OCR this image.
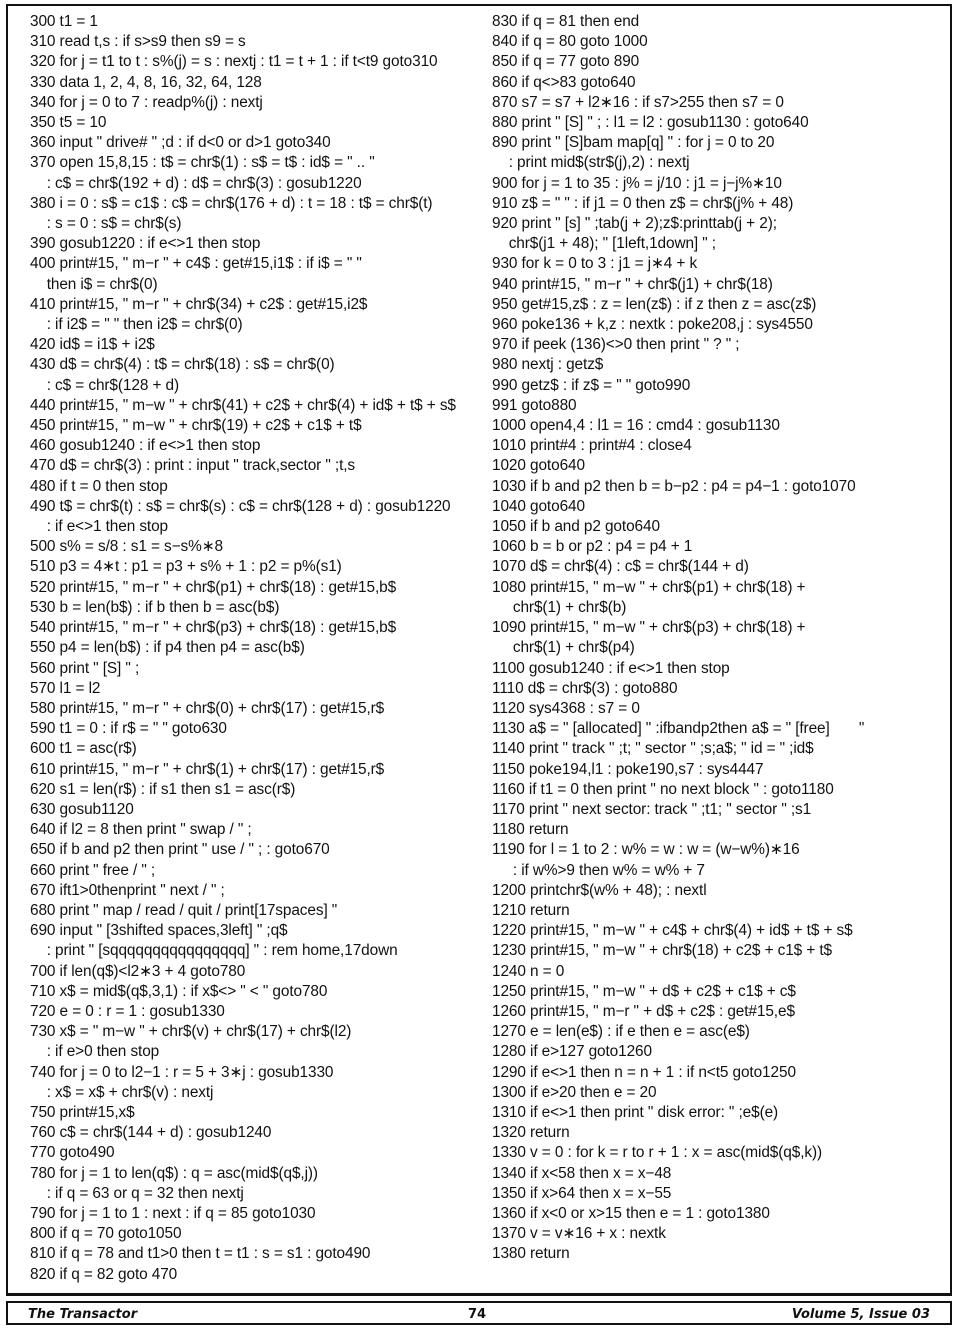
300 t1 = 1
310 read t,s : if s>s9 then s9 = s
320 for j = t1 to t : s%(j) = s : nextj : t1 = t + 1 : if t<t9 goto310
330 data 1, 2, 4, 8, 16, 32, 64, 128
340 for j = 0 to 7 : readp%(j) : nextj
350 t5 = 10
360 input " drive# " ;d : if d<0 or d>1 goto340
370 open 15,8,15 : t$ = chr$(1) : s$ = t$ : id$ = " .. "
: c$ = chr$(192 + d) : d$ = chr$(3) : gosub1220
380 i = 0 : s$ = c1$ : c$ = chr$(176 + d) : t = 18 : t$ = chr$(t)
: s = 0 : s$ = chr$(s)
390 gosub1220 : if e<>1 then stop
400 print#15, " m−r " + c4$ : get#15,i1$ : if i$ = " "
then i$ = chr$(0)
410 print#15, " m−r " + chr$(34) + c2$ : get#15,i2$
: if i2$ = " " then i2$ = chr$(0)
420 id$ = i1$ + i2$
430 d$ = chr$(4) : t$ = chr$(18) : s$ = chr$(0)
: c$ = chr$(128 + d)
440 print#15, " m−w " + chr$(41) + c2$ + chr$(4) + id$ + t$ + s$
450 print#15, " m−w " + chr$(19) + c2$ + c1$ + t$
460 gosub1240 : if e<>1 then stop
470 d$ = chr$(3) : print : input " track,sector " ;t,s
480 if t = 0 then stop
490 t$ = chr$(t) : s$ = chr$(s) : c$ = chr$(128 + d) : gosub1220
: if e<>1 then stop
500 s% = s/8 : s1 = s−s%∗8
510 p3 = 4∗t : p1 = p3 + s% + 1 : p2 = p%(s1)
520 print#15, " m−r " + chr$(p1) + chr$(18) : get#15,b$
530 b = len(b$) : if b then b = asc(b$)
540 print#15, " m−r " + chr$(p3) + chr$(18) : get#15,b$
550 p4 = len(b$) : if p4 then p4 = asc(b$)
560 print " [S] " ;
570 l1 = l2
580 print#15, " m−r " + chr$(0) + chr$(17) : get#15,r$
590 t1 = 0 : if r$ = " " goto630
600 t1 = asc(r$)
610 print#15, " m−r " + chr$(1) + chr$(17) : get#15,r$
620 s1 = len(r$) : if s1 then s1 = asc(r$)
630 gosub1120
640 if l2 = 8 then print " swap / " ;
650 if b and p2 then print " use / " ; : goto670
660 print " free / " ;
670 ift1>0thenprint " next / " ;
680 print " map / read / quit / print[17spaces] "
690 input " [3shifted spaces,3left] " ;q$
: print " [sqqqqqqqqqqqqqqqq] " : rem home,17down
700 if len(q$)<l2∗3 + 4 goto780
710 x$ = mid$(q$,3,1) : if x$<> " < " goto780
720 e = 0 : r = 1 : gosub1330
730 x$ = " m−w " + chr$(v) + chr$(17) + chr$(l2)
: if e>0 then stop
740 for j = 0 to l2−1 : r = 5 + 3∗j : gosub1330
: x$ = x$ + chr$(v) : nextj
750 print#15,x$
760 c$ = chr$(144 + d) : gosub1240
770 goto490
780 for j = 1 to len(q$) : q = asc(mid$(q$,j))
: if q = 63 or q = 32 then nextj
790 for j = 1 to 1 : next : if q = 85 goto1030
800 if q = 70 goto1050
810 if q = 78 and t1>0 then t = t1 : s = s1 : goto490
820 if q = 82 goto 470
830 if q = 81 then end
840 if q = 80 goto 1000
850 if q = 77 goto 890
860 if q<>83 goto640
870 s7 = s7 + l2∗16 : if s7>255 then s7 = 0
880 print " [S] " ; : l1 = l2 : gosub1130 : goto640
890 print " [S]bam map[q] " : for j = 0 to 20
: print mid$(str$(j),2) : nextj
900 for j = 1 to 35 : j% = j/10 : j1 = j−j%∗10
910 z$ = " " : if j1 = 0 then z$ = chr$(j% + 48)
920 print " [s] " ;tab(j + 2);z$:printtab(j + 2);
chr$(j1 + 48); " [1left,1down] " ;
930 for k = 0 to 3 : j1 = j∗4 + k
940 print#15, " m−r " + chr$(j1) + chr$(18)
950 get#15,z$ : z = len(z$) : if z then z = asc(z$)
960 poke136 + k,z : nextk : poke208,j : sys4550
970 if peek (136)<>0 then print " ? " ;
980 nextj : getz$
990 getz$ : if z$ = " " goto990
991 goto880
1000 open4,4 : l1 = 16 : cmd4 : gosub1130
1010 print#4 : print#4 : close4
1020 goto640
1030 if b and p2 then b = b−p2 : p4 = p4−1 : goto1070
1040 goto640
1050 if b and p2 goto640
1060 b = b or p2 : p4 = p4 + 1
1070 d$ = chr$(4) : c$ = chr$(144 + d)
1080 print#15, " m−w " + chr$(p1) + chr$(18) +
chr$(1) + chr$(b)
1090 print#15, " m−w " + chr$(p3) + chr$(18) +
chr$(1) + chr$(p4)
1100 gosub1240 : if e<>1 then stop
1110 d$ = chr$(3) : goto880
1120 sys4368 : s7 = 0
1130 a$ = " [allocated] " :ifbandp2then a$ = " [free]       "
1140 print " track " ;t; " sector " ;s;a$; " id = " ;id$
1150 poke194,l1 : poke190,s7 : sys4447
1160 if t1 = 0 then print " no next block " : goto1180
1170 print " next sector: track " ;t1; " sector " ;s1
1180 return
1190 for l = 1 to 2 : w% = w : w = (w−w%)∗16
: if w%>9 then w% = w% + 7
1200 printchr$(w% + 48); : nextl
1210 return
1220 print#15, " m−w " + c4$ + chr$(4) + id$ + t$ + s$
1230 print#15, " m−w " + chr$(18) + c2$ + c1$ + t$
1240 n = 0
1250 print#15, " m−w " + d$ + c2$ + c1$ + c$
1260 print#15, " m−r " + d$ + c2$ : get#15,e$
1270 e = len(e$) : if e then e = asc(e$)
1280 if e>127 goto1260
1290 if e<>1 then n = n + 1 : if n<t5 goto1250
1300 if e>20 then e = 20
1310 if e<>1 then print " disk error: " ;e$(e)
1320 return
1330 v = 0 : for k = r to r + 1 : x = asc(mid$(q$,k))
1340 if x<58 then x = x−48
1350 if x>64 then x = x−55
1360 if x<0 or x>15 then e = 1 : goto1380
1370 v = v∗16 + x : nextk
1380 return
The Transactor	74	Volume 5, Issue 03
